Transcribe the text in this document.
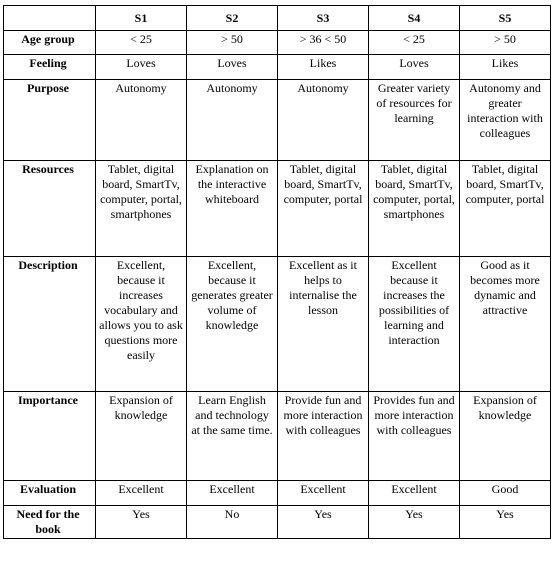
	S1	S2	S3	S4	S5
Age group	< 25	> 50	> 36 < 50	< 25	> 50
Feeling	Loves	Loves	Likes	Loves	Likes
Purpose	Autonomy	Autonomy	Autonomy	Greater variety of resources for learning	Autonomy and greater interaction with colleagues
Resources	Tablet, digital board, SmartTv, computer, portal, smartphones	Explanation on the interactive whiteboard	Tablet, digital board, SmartTv, computer, portal	Tablet, digital board, SmartTv, computer, portal, smartphones	Tablet, digital board, SmartTv, computer, portal
Description	Excellent, because it increases vocabulary and allows you to ask questions more easily	Excellent, because it generates greater volume of knowledge	Excellent as it helps to internalise the lesson	Excellent because it increases the possibilities of learning and interaction	Good as it becomes more dynamic and attractive
Importance	Expansion of knowledge	Learn English and technology at the same time.	Provide fun and more interaction with colleagues	Provides fun and more interaction with colleagues	Expansion of knowledge
Evaluation	Excellent	Excellent	Excellent	Excellent	Good
Need for the book	Yes	No	Yes	Yes	Yes
